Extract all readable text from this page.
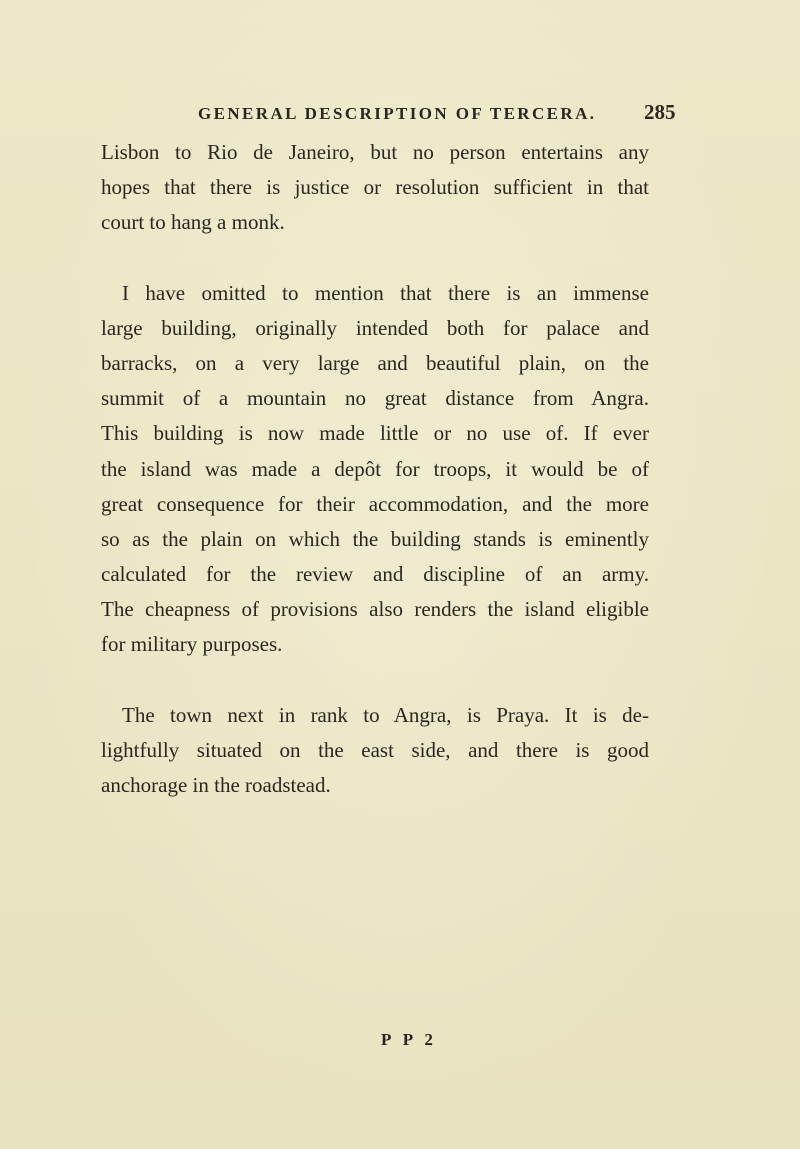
GENERAL DESCRIPTION OF TERCERA. 285
Lisbon to Rio de Janeiro, but no person entertains any
hopes that there is justice or resolution sufficient in that
court to hang a monk.
I have omitted to mention that there is an immense
large building, originally intended both for palace and
barracks, on a very large and beautiful plain, on the
summit of a mountain no great distance from Angra.
This building is now made little or no use of. If ever
the island was made a depôt for troops, it would be of
great consequence for their accommodation, and the more
so as the plain on which the building stands is eminently
calculated for the review and discipline of an army.
The cheapness of provisions also renders the island eligible
for military purposes.
The town next in rank to Angra, is Praya. It is de-
lightfully situated on the east side, and there is good
anchorage in the roadstead.
P P 2
